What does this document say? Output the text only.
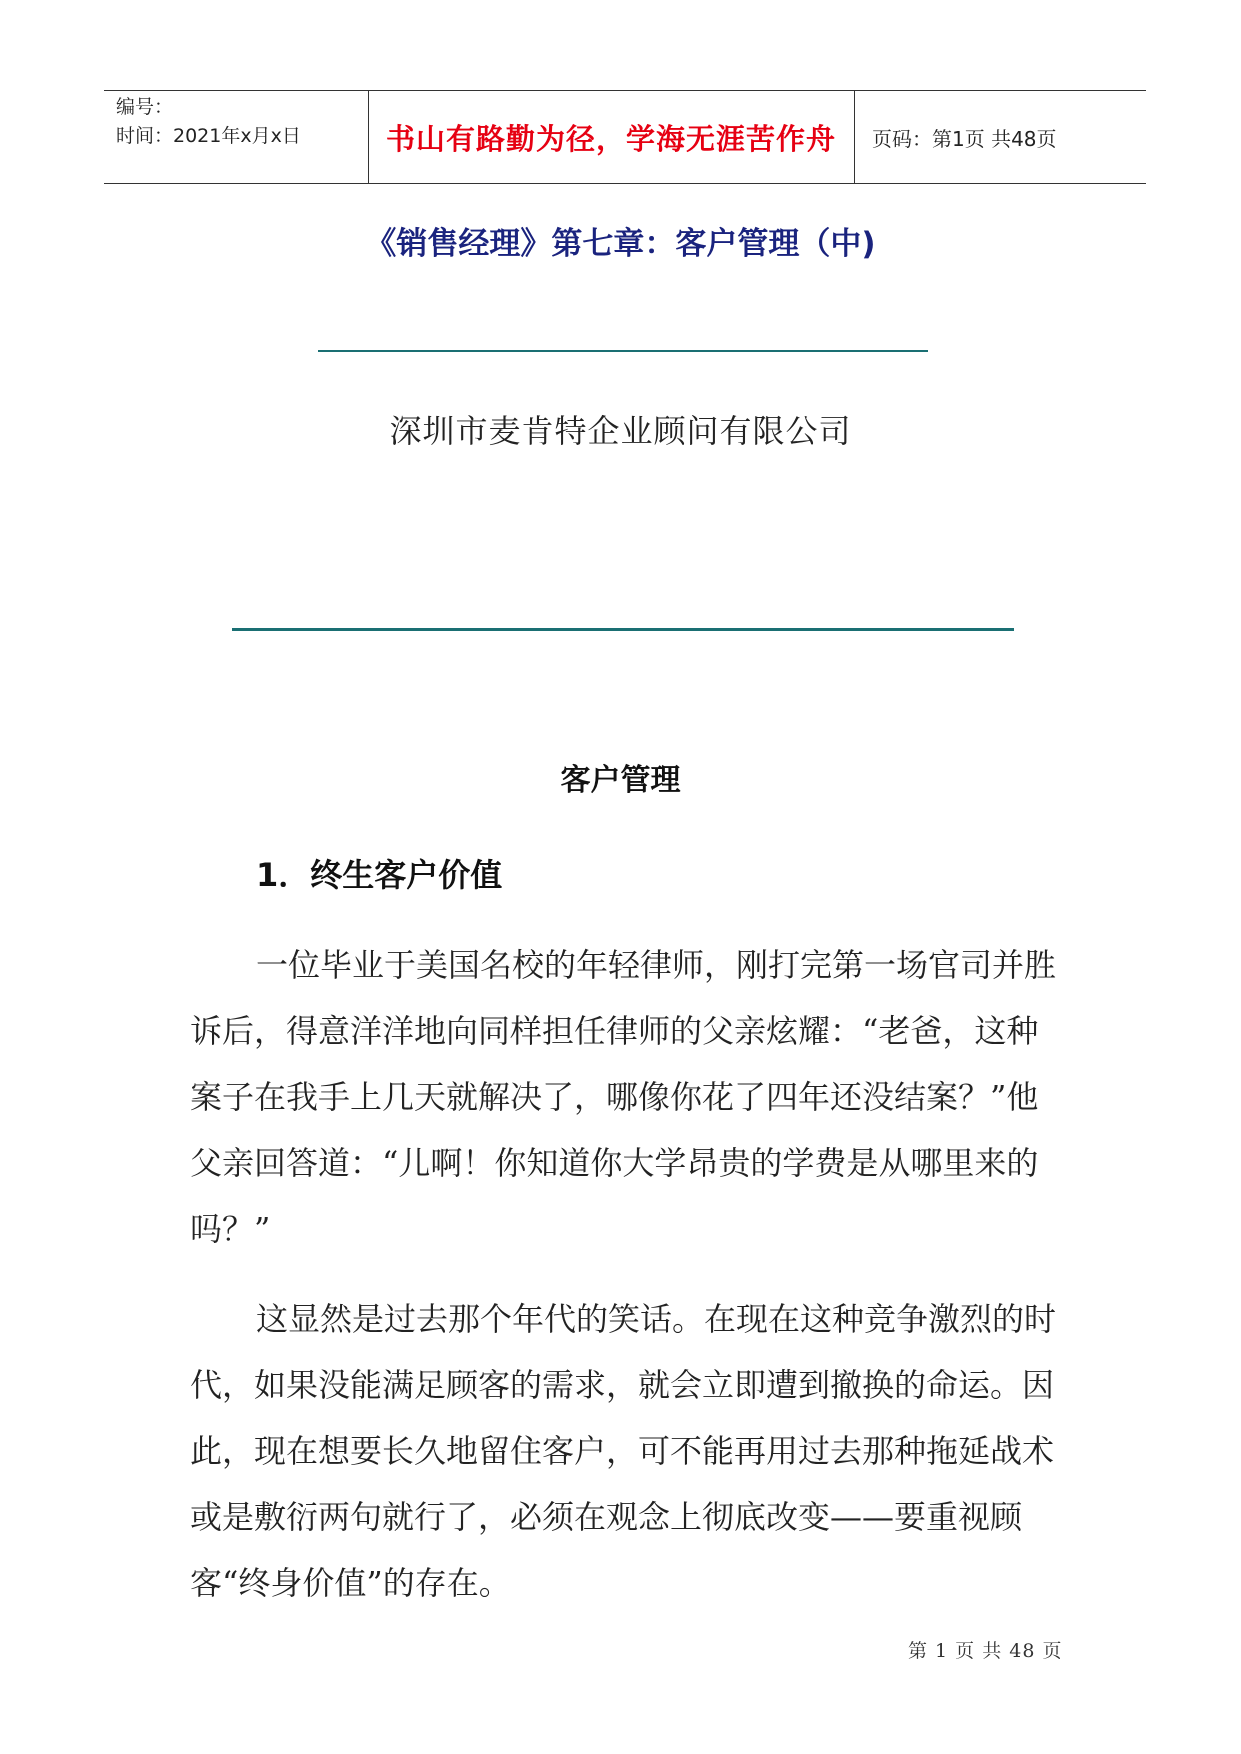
编号：
时间：2021年x月x日	书山有路勤为径，学海无涯苦作舟	页码：第1页 共48页
《销售经理》第七章：客户管理（中)
深圳市麦肯特企业顾问有限公司
客户管理
1．终生客户价值

一位毕业于美国名校的年轻律师，刚打完第一场官司并胜诉后，得意洋洋地向同样担任律师的父亲炫耀：“老爸，这种案子在我手上几天就解决了，哪像你花了四年还没结案？”他父亲回答道：“儿啊！你知道你大学昂贵的学费是从哪里来的吗？”

这显然是过去那个年代的笑话。在现在这种竞争激烈的时代，如果没能满足顾客的需求，就会立即遭到撤换的命运。因此，现在想要长久地留住客户，可不能再用过去那种拖延战术或是敷衍两句就行了，必须在观念上彻底改变——要重视顾客“终身价值”的存在。

第 1 页 共 48 页
